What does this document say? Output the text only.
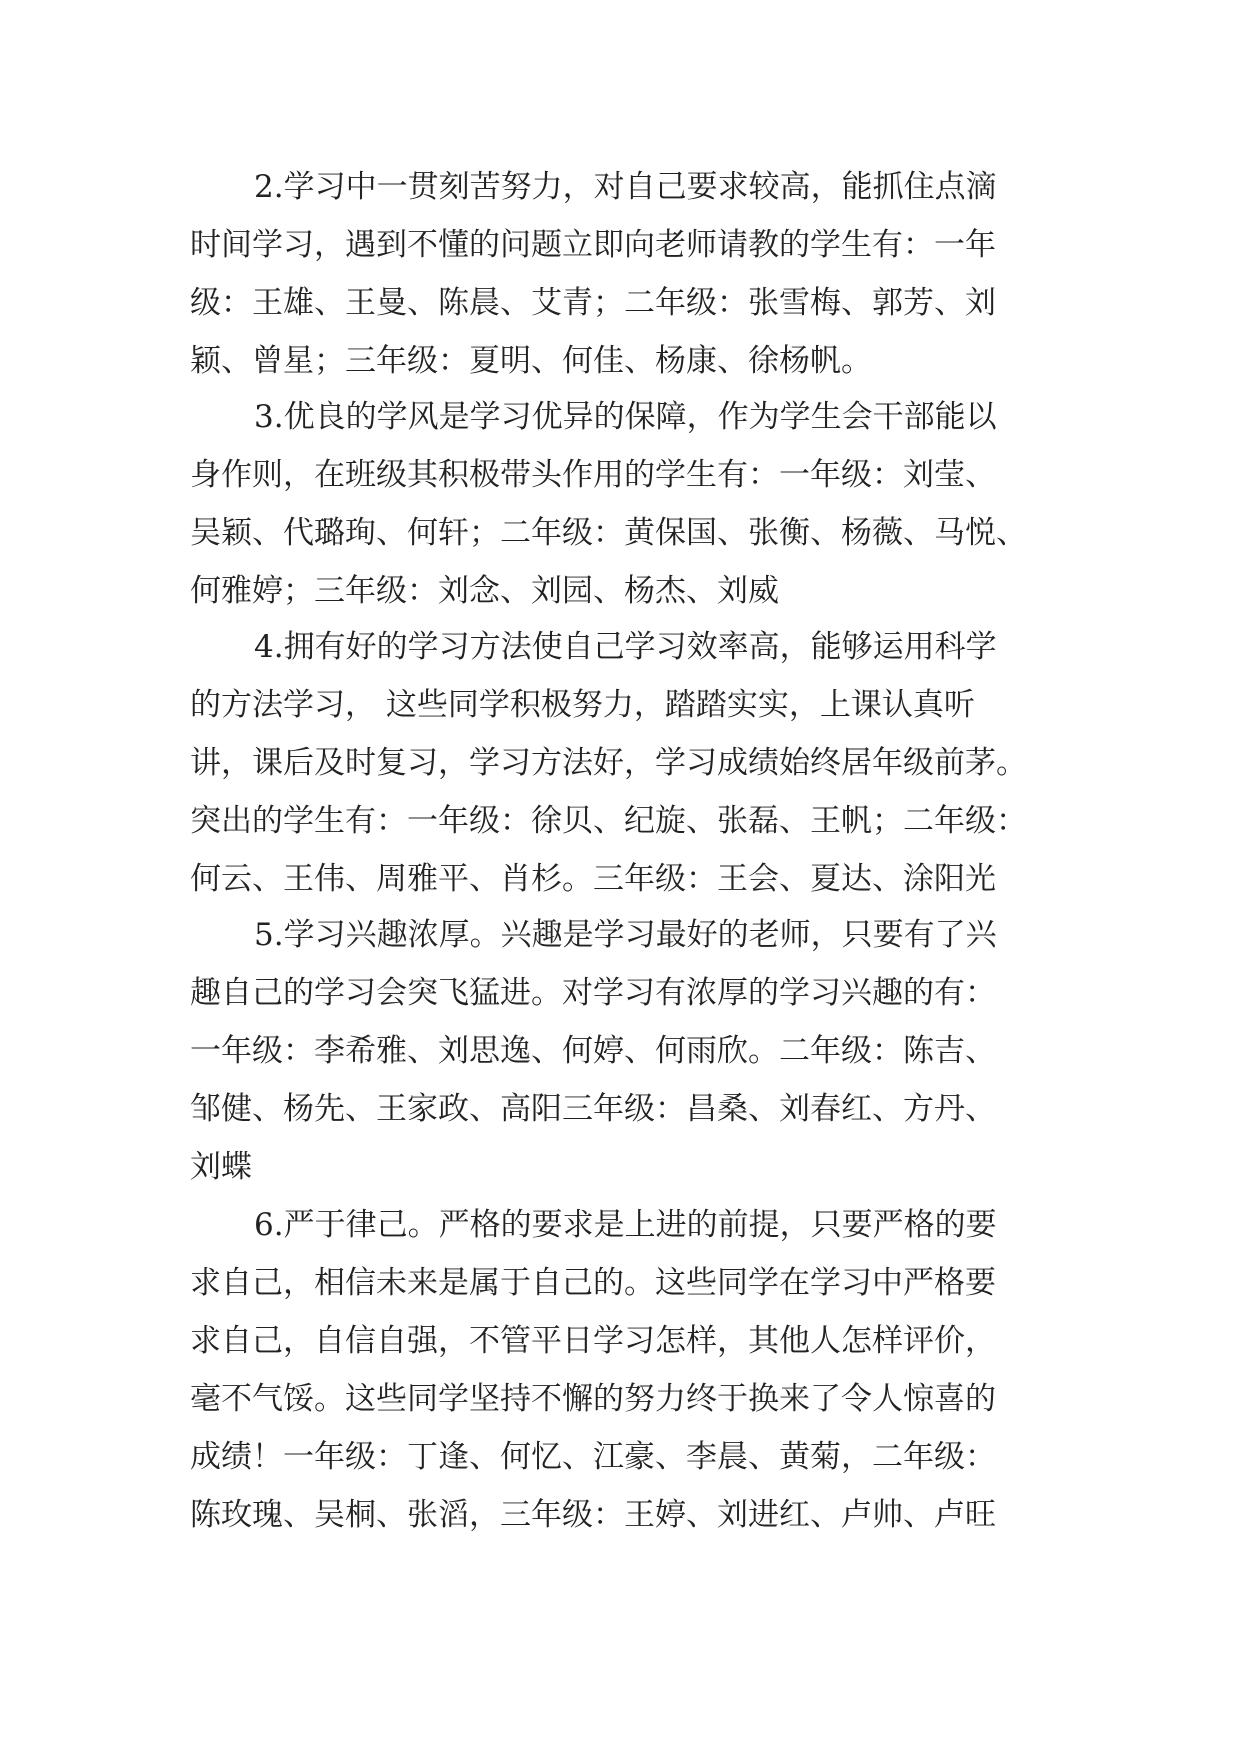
2.学习中一贯刻苦努力，对自己要求较高，能抓住点滴
时间学习，遇到不懂的问题立即向老师请教的学生有：一年
级：王雄、王曼、陈晨、艾青；二年级：张雪梅、郭芳、刘
颖、曾星；三年级：夏明、何佳、杨康、徐杨帆。
3.优良的学风是学习优异的保障，作为学生会干部能以
身作则，在班级其积极带头作用的学生有：一年级：刘莹、
吴颖、代璐珣、何轩；二年级：黄保国、张衡、杨薇、马悦、
何雅婷；三年级：刘念、刘园、杨杰、刘威
4.拥有好的学习方法使自己学习效率高，能够运用科学
的方法学习， 这些同学积极努力，踏踏实实，上课认真听
讲，课后及时复习，学习方法好，学习成绩始终居年级前茅。
突出的学生有：一年级：徐贝、纪旋、张磊、王帆；二年级：
何云、王伟、周雅平、肖杉。三年级：王会、夏达、涂阳光
5.学习兴趣浓厚。兴趣是学习最好的老师，只要有了兴
趣自己的学习会突飞猛进。对学习有浓厚的学习兴趣的有：
一年级：李希雅、刘思逸、何婷、何雨欣。二年级：陈吉、
邹健、杨先、王家政、高阳三年级：昌桑、刘春红、方丹、
刘蝶
6.严于律己。严格的要求是上进的前提，只要严格的要
求自己，相信未来是属于自己的。这些同学在学习中严格要
求自己，自信自强，不管平日学习怎样，其他人怎样评价，
毫不气馁。这些同学坚持不懈的努力终于换来了令人惊喜的
成绩！一年级：丁逢、何忆、江豪、李晨、黄菊，二年级：
陈玫瑰、吴桐、张滔，三年级：王婷、刘进红、卢帅、卢旺
